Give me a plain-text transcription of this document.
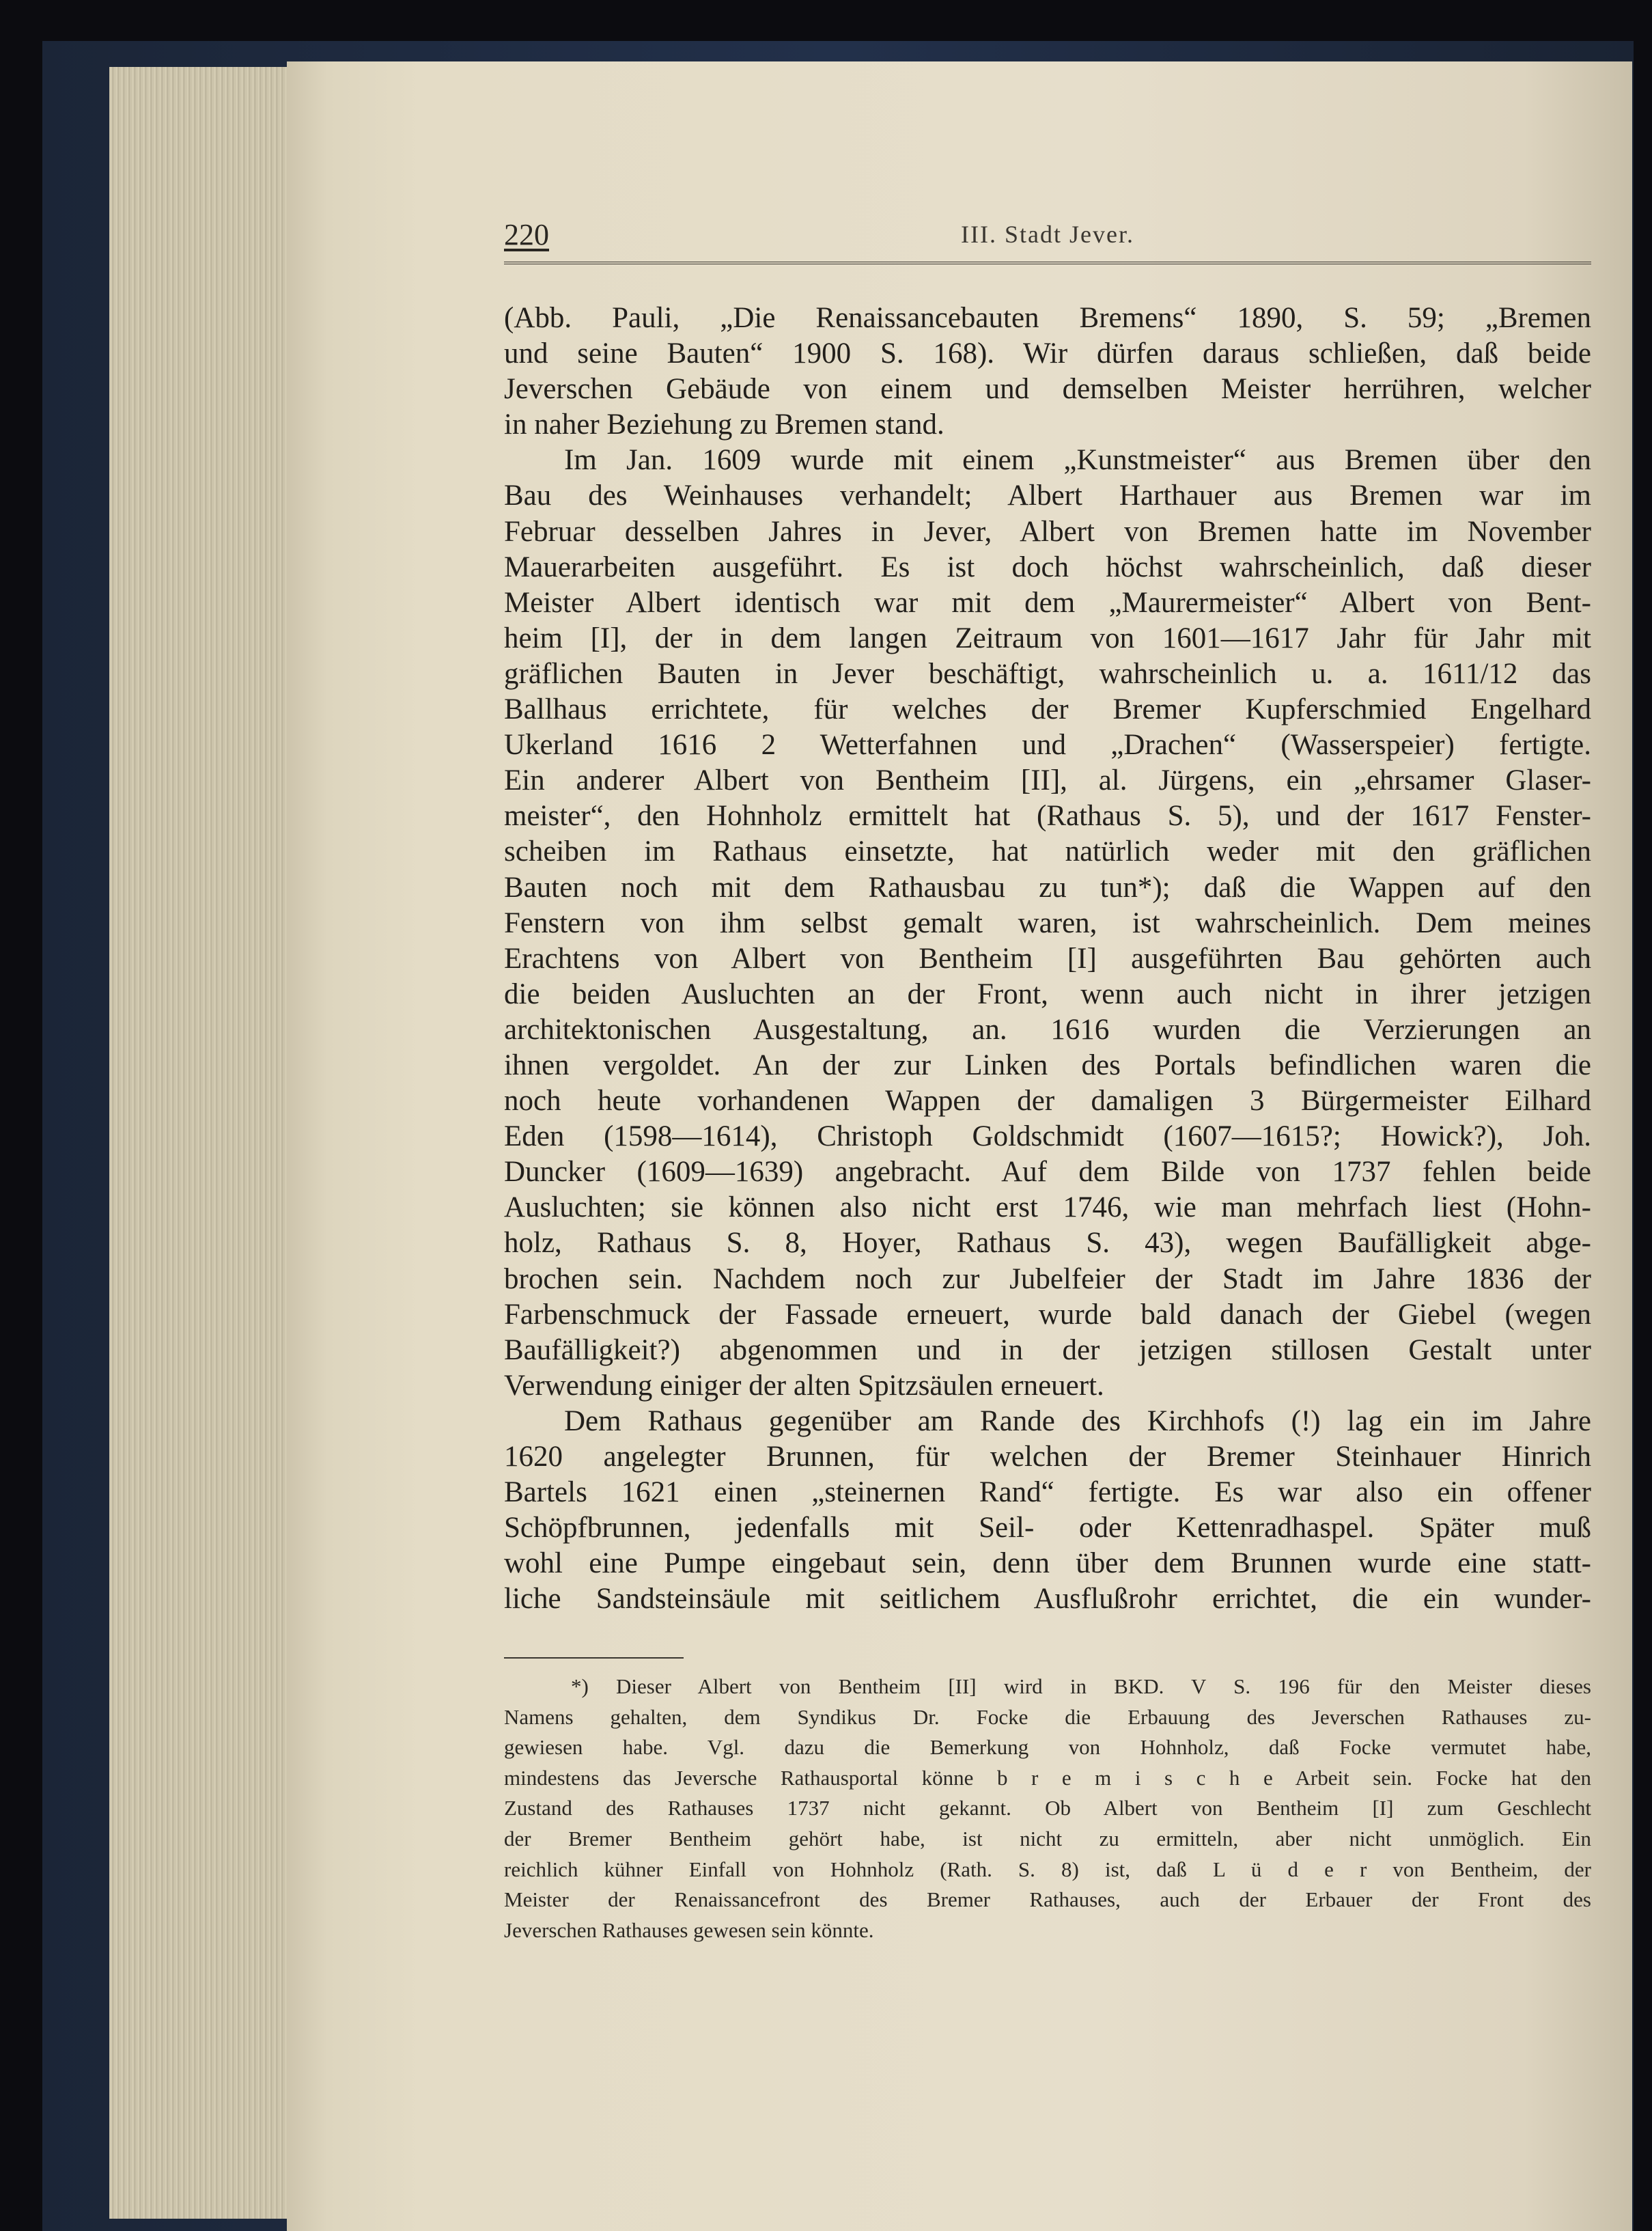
220	III. Stadt Jever.
(Abb. Pauli, „Die Renaissancebauten Bremens“ 1890, S. 59; „Bremen
und seine Bauten“ 1900 S. 168). Wir dürfen daraus schließen, daß beide
Jeverschen Gebäude von einem und demselben Meister herrühren, welcher
in naher Beziehung zu Bremen stand.
Im Jan. 1609 wurde mit einem „Kunstmeister“ aus Bremen über den
Bau des Weinhauses verhandelt; Albert Harthauer aus Bremen war im
Februar desselben Jahres in Jever, Albert von Bremen hatte im November
Mauerarbeiten ausgeführt. Es ist doch höchst wahrscheinlich, daß dieser
Meister Albert identisch war mit dem „Maurermeister“ Albert von Bent-
heim [I], der in dem langen Zeitraum von 1601—1617 Jahr für Jahr mit
gräflichen Bauten in Jever beschäftigt, wahrscheinlich u. a. 1611/12 das
Ballhaus errichtete, für welches der Bremer Kupferschmied Engelhard
Ukerland 1616 2 Wetterfahnen und „Drachen“ (Wasserspeier) fertigte.
Ein anderer Albert von Bentheim [II], al. Jürgens, ein „ehrsamer Glaser-
meister“, den Hohnholz ermittelt hat (Rathaus S. 5), und der 1617 Fenster-
scheiben im Rathaus einsetzte, hat natürlich weder mit den gräflichen
Bauten noch mit dem Rathausbau zu tun*); daß die Wappen auf den
Fenstern von ihm selbst gemalt waren, ist wahrscheinlich. Dem meines
Erachtens von Albert von Bentheim [I] ausgeführten Bau gehörten auch
die beiden Ausluchten an der Front, wenn auch nicht in ihrer jetzigen
architektonischen Ausgestaltung, an. 1616 wurden die Verzierungen an
ihnen vergoldet. An der zur Linken des Portals befindlichen waren die
noch heute vorhandenen Wappen der damaligen 3 Bürgermeister Eilhard
Eden (1598—1614), Christoph Goldschmidt (1607—1615?; Howick?), Joh.
Duncker (1609—1639) angebracht. Auf dem Bilde von 1737 fehlen beide
Ausluchten; sie können also nicht erst 1746, wie man mehrfach liest (Hohn-
holz, Rathaus S. 8, Hoyer, Rathaus S. 43), wegen Baufälligkeit abge-
brochen sein. Nachdem noch zur Jubelfeier der Stadt im Jahre 1836 der
Farbenschmuck der Fassade erneuert, wurde bald danach der Giebel (wegen
Baufälligkeit?) abgenommen und in der jetzigen stillosen Gestalt unter
Verwendung einiger der alten Spitzsäulen erneuert.
Dem Rathaus gegenüber am Rande des Kirchhofs (!) lag ein im Jahre
1620 angelegter Brunnen, für welchen der Bremer Steinhauer Hinrich
Bartels 1621 einen „steinernen Rand“ fertigte. Es war also ein offener
Schöpfbrunnen, jedenfalls mit Seil- oder Kettenradhaspel. Später muß
wohl eine Pumpe eingebaut sein, denn über dem Brunnen wurde eine statt-
liche Sandsteinsäule mit seitlichem Ausflußrohr errichtet, die ein wunder-
*) Dieser Albert von Bentheim [II] wird in BKD. V S. 196 für den Meister dieses
Namens gehalten, dem Syndikus Dr. Focke die Erbauung des Jeverschen Rathauses zu-
gewiesen habe. Vgl. dazu die Bemerkung von Hohnholz, daß Focke vermutet habe,
mindestens das Jeversche Rathausportal könne b r e m i s c h e Arbeit sein. Focke hat den
Zustand des Rathauses 1737 nicht gekannt. Ob Albert von Bentheim [I] zum Geschlecht
der Bremer Bentheim gehört habe, ist nicht zu ermitteln, aber nicht unmöglich. Ein
reichlich kühner Einfall von Hohnholz (Rath. S. 8) ist, daß L ü d e r von Bentheim, der
Meister der Renaissancefront des Bremer Rathauses, auch der Erbauer der Front des
Jeverschen Rathauses gewesen sein könnte.
